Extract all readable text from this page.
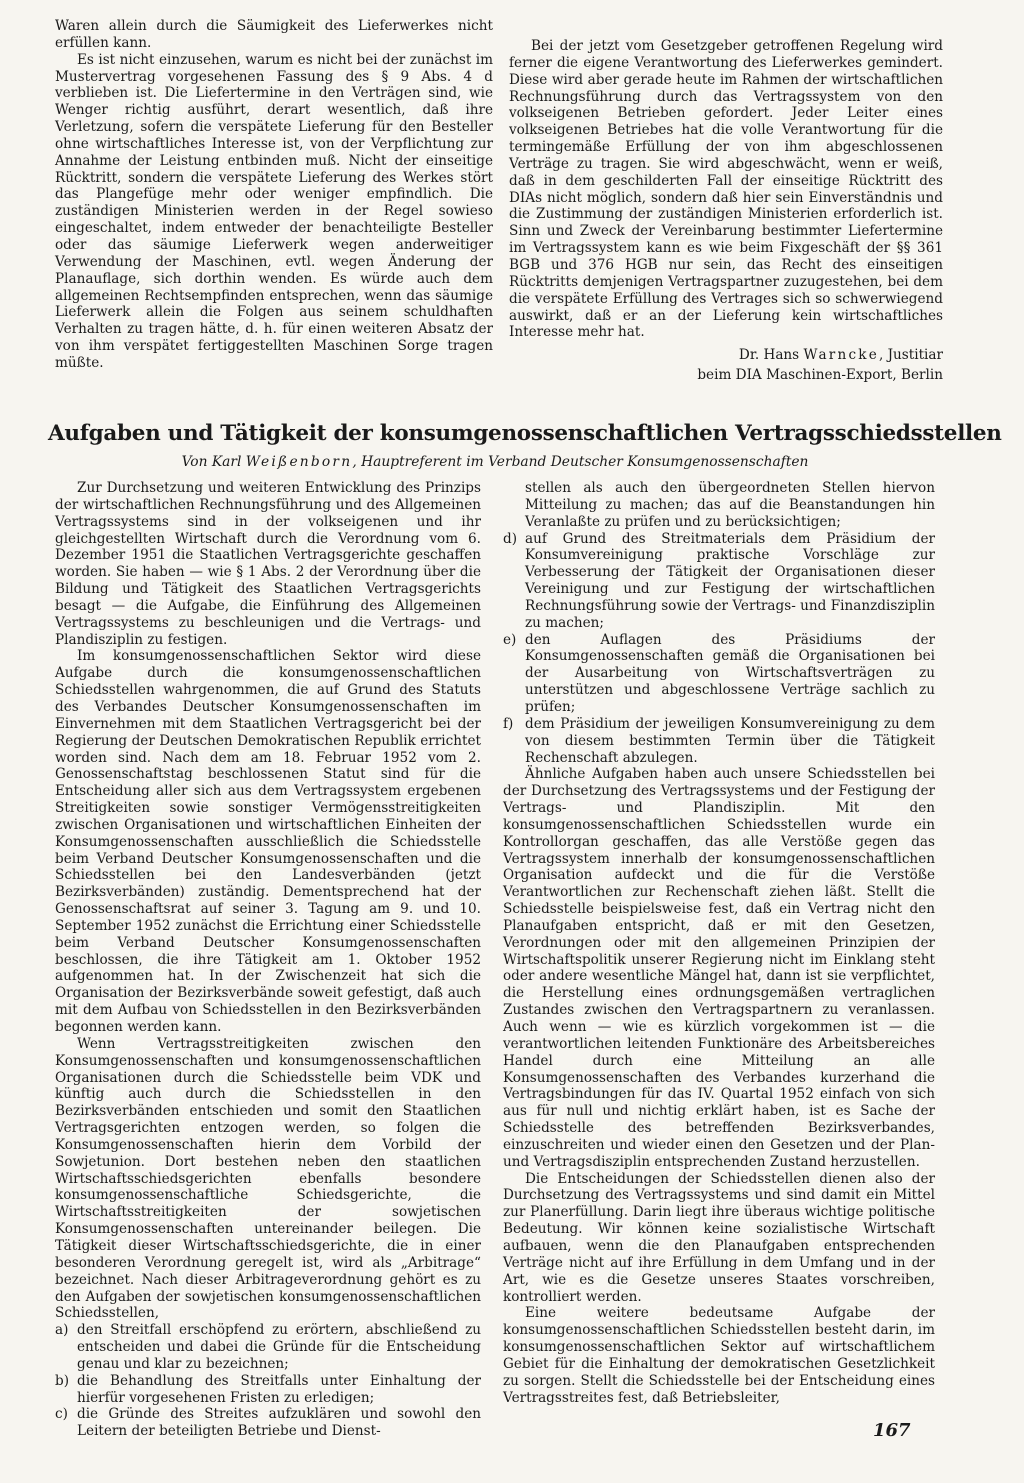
Waren allein durch die Säumigkeit des Lieferwerkes nicht erfüllen kann.

Es ist nicht einzusehen, warum es nicht bei der zunächst im Mustervertrag vorgesehenen Fassung des § 9 Abs. 4 d verblieben ist. Die Liefertermine in den Verträgen sind, wie Wenger richtig ausführt, derart wesentlich, daß ihre Verletzung, sofern die verspätete Lieferung für den Besteller ohne wirtschaftliches Interesse ist, von der Verpflichtung zur Annahme der Leistung entbinden muß. Nicht der einseitige Rücktritt, sondern die verspätete Lieferung des Werkes stört das Plangefüge mehr oder weniger empfindlich. Die zuständigen Ministerien werden in der Regel sowieso eingeschaltet, indem entweder der benachteiligte Besteller oder das säumige Lieferwerk wegen anderweitiger Verwendung der Maschinen, evtl. wegen Änderung der Planauflage, sich dorthin wenden. Es würde auch dem allgemeinen Rechtsempfinden entsprechen, wenn das säumige Lieferwerk allein die Folgen aus seinem schuldhaften Verhalten zu tragen hätte, d. h. für einen weiteren Absatz der von ihm verspätet fertiggestellten Maschinen Sorge tragen müßte.

Bei der jetzt vom Gesetzgeber getroffenen Regelung wird ferner die eigene Verantwortung des Lieferwerkes gemindert. Diese wird aber gerade heute im Rahmen der wirtschaftlichen Rechnungsführung durch das Vertragssystem von den volkseigenen Betrieben gefordert. Jeder Leiter eines volkseigenen Betriebes hat die volle Verantwortung für die termingemäße Erfüllung der von ihm abgeschlossenen Verträge zu tragen. Sie wird abgeschwächt, wenn er weiß, daß in dem geschilderten Fall der einseitige Rücktritt des DIAs nicht möglich, sondern daß hier sein Einverständnis und die Zustimmung der zuständigen Ministerien erforderlich ist. Sinn und Zweck der Vereinbarung bestimmter Liefertermine im Vertragssystem kann es wie beim Fixgeschäft der §§ 361 BGB und 376 HGB nur sein, das Recht des einseitigen Rücktritts demjenigen Vertragspartner zuzugestehen, bei dem die verspätete Erfüllung des Vertrages sich so schwerwiegend auswirkt, daß er an der Lieferung kein wirtschaftliches Interesse mehr hat.

Dr. Hans Warncke, Justitiar
beim DIA Maschinen-Export, Berlin
Aufgaben und Tätigkeit der konsumgenossenschaftlichen Vertragsschiedsstellen
Von Karl Weißenborn, Hauptreferent im Verband Deutscher Konsumgenossenschaften

Zur Durchsetzung und weiteren Entwicklung des Prinzips der wirtschaftlichen Rechnungsführung und des Allgemeinen Vertragssystems sind in der volkseigenen und ihr gleichgestellten Wirtschaft durch die Verordnung vom 6. Dezember 1951 die Staatlichen Vertragsgerichte geschaffen worden. Sie haben — wie § 1 Abs. 2 der Verordnung über die Bildung und Tätigkeit des Staatlichen Vertragsgerichts besagt — die Aufgabe, die Einführung des Allgemeinen Vertragssystems zu beschleunigen und die Vertrags- und Plandisziplin zu festigen.

Im konsumgenossenschaftlichen Sektor wird diese Aufgabe durch die konsumgenossenschaftlichen Schiedsstellen wahrgenommen, die auf Grund des Statuts des Verbandes Deutscher Konsumgenossenschaften im Einvernehmen mit dem Staatlichen Vertragsgericht bei der Regierung der Deutschen Demokratischen Republik errichtet worden sind. Nach dem am 18. Februar 1952 vom 2. Genossenschaftstag beschlossenen Statut sind für die Entscheidung aller sich aus dem Vertragssystem ergebenen Streitigkeiten sowie sonstiger Vermögensstreitigkeiten zwischen Organisationen und wirtschaftlichen Einheiten der Konsumgenossenschaften ausschließlich die Schiedsstelle beim Verband Deutscher Konsumgenossenschaften und die Schiedsstellen bei den Landesverbänden (jetzt Bezirksverbänden) zuständig. Dementsprechend hat der Genossenschaftsrat auf seiner 3. Tagung am 9. und 10. September 1952 zunächst die Errichtung einer Schiedsstelle beim Verband Deutscher Konsumgenossenschaften beschlossen, die ihre Tätigkeit am 1. Oktober 1952 aufgenommen hat. In der Zwischenzeit hat sich die Organisation der Bezirksverbände soweit gefestigt, daß auch mit dem Aufbau von Schiedsstellen in den Bezirksverbänden begonnen werden kann.

Wenn Vertragsstreitigkeiten zwischen den Konsumgenossenschaften und konsumgenossenschaftlichen Organisationen durch die Schiedsstelle beim VDK und künftig auch durch die Schiedsstellen in den Bezirksverbänden entschieden und somit den Staatlichen Vertragsgerichten entzogen werden, so folgen die Konsumgenossenschaften hierin dem Vorbild der Sowjetunion. Dort bestehen neben den staatlichen Wirtschaftsschiedsgerichten ebenfalls besondere konsumgenossenschaftliche Schiedsgerichte, die Wirtschaftsstreitigkeiten der sowjetischen Konsumgenossenschaften untereinander beilegen. Die Tätigkeit dieser Wirtschaftsschiedsgerichte, die in einer besonderen Verordnung geregelt ist, wird als „Arbitrage“ bezeichnet. Nach dieser Arbitrageverordnung gehört es zu den Aufgaben der sowjetischen konsumgenossenschaftlichen Schiedsstellen,

a) den Streitfall erschöpfend zu erörtern, abschließend zu entscheiden und dabei die Gründe für die Entscheidung genau und klar zu bezeichnen;
b) die Behandlung des Streitfalls unter Einhaltung der hierfür vorgesehenen Fristen zu erledigen;
c) die Gründe des Streites aufzuklären und sowohl den Leitern der beteiligten Betriebe und Dienst-

stellen als auch den übergeordneten Stellen hiervon Mitteilung zu machen; das auf die Beanstandungen hin Veranlaßte zu prüfen und zu berücksichtigen;

d) auf Grund des Streitmaterials dem Präsidium der Konsumvereinigung praktische Vorschläge zur Verbesserung der Tätigkeit der Organisationen dieser Vereinigung und zur Festigung der wirtschaftlichen Rechnungsführung sowie der Vertrags- und Finanzdisziplin zu machen;
e) den Auflagen des Präsidiums der Konsumgenossenschaften gemäß die Organisationen bei der Ausarbeitung von Wirtschaftsverträgen zu unterstützen und abgeschlossene Verträge sachlich zu prüfen;
f) dem Präsidium der jeweiligen Konsumvereinigung zu dem von diesem bestimmten Termin über die Tätigkeit Rechenschaft abzulegen.

Ähnliche Aufgaben haben auch unsere Schiedsstellen bei der Durchsetzung des Vertragssystems und der Festigung der Vertrags- und Plandisziplin. Mit den konsumgenossenschaftlichen Schiedsstellen wurde ein Kontrollorgan geschaffen, das alle Verstöße gegen das Vertragssystem innerhalb der konsumgenossenschaftlichen Organisation aufdeckt und die für die Verstöße Verantwortlichen zur Rechenschaft ziehen läßt. Stellt die Schiedsstelle beispielsweise fest, daß ein Vertrag nicht den Planaufgaben entspricht, daß er mit den Gesetzen, Verordnungen oder mit den allgemeinen Prinzipien der Wirtschaftspolitik unserer Regierung nicht im Einklang steht oder andere wesentliche Mängel hat, dann ist sie verpflichtet, die Herstellung eines ordnungsgemäßen vertraglichen Zustandes zwischen den Vertragspartnern zu veranlassen. Auch wenn — wie es kürzlich vorgekommen ist — die verantwortlichen leitenden Funktionäre des Arbeitsbereiches Handel durch eine Mitteilung an alle Konsumgenossenschaften des Verbandes kurzerhand die Vertragsbindungen für das IV. Quartal 1952 einfach von sich aus für null und nichtig erklärt haben, ist es Sache der Schiedsstelle des betreffenden Bezirksverbandes, einzuschreiten und wieder einen den Gesetzen und der Plan- und Vertragsdisziplin entsprechenden Zustand herzustellen.

Die Entscheidungen der Schiedsstellen dienen also der Durchsetzung des Vertragssystems und sind damit ein Mittel zur Planerfüllung. Darin liegt ihre überaus wichtige politische Bedeutung. Wir können keine sozialistische Wirtschaft aufbauen, wenn die den Planaufgaben entsprechenden Verträge nicht auf ihre Erfüllung in dem Umfang und in der Art, wie es die Gesetze unseres Staates vorschreiben, kontrolliert werden.

Eine weitere bedeutsame Aufgabe der konsumgenossenschaftlichen Schiedsstellen besteht darin, im konsumgenossenschaftlichen Sektor auf wirtschaftlichem Gebiet für die Einhaltung der demokratischen Gesetzlichkeit zu sorgen. Stellt die Schiedsstelle bei der Entscheidung eines Vertragsstreites fest, daß Betriebsleiter,

167
